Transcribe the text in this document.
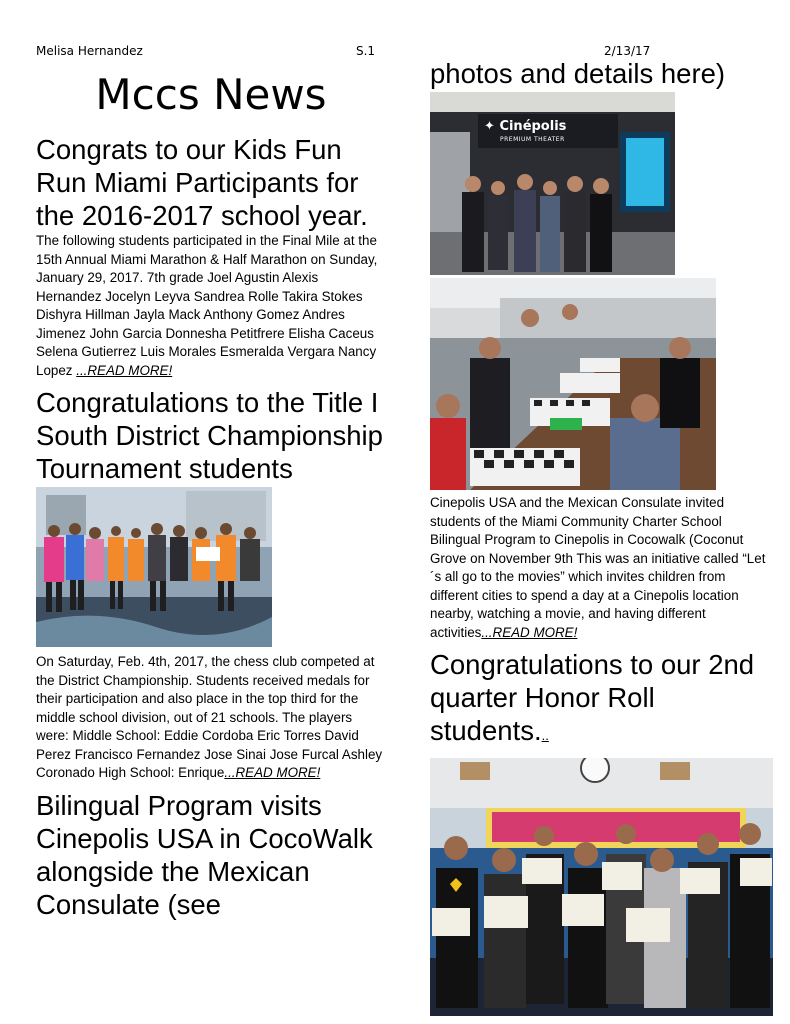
Melisa Hernandez	S.1	2/13/17
Mccs News
Congrats to our Kids Fun Run Miami Participants for the 2016-2017 school year.

The following students participated in the Final Mile at the 15th Annual Miami Marathon & Half Marathon on Sunday, January 29, 2017. 7th grade Joel Agustin Alexis Hernandez Jocelyn Leyva Sandrea Rolle Takira Stokes Dishyra Hillman Jayla Mack Anthony Gomez Andres Jimenez John Garcia Donnesha Petitfrere Elisha Caceus Selena Gutierrez Luis Morales Esmeralda Vergara Nancy Lopez ...READ MORE!

Congratulations to the Title I South District Championship Tournament students

On Saturday, Feb. 4th, 2017, the chess club competed at the District Championship. Students received medals for their participation and also place in the top third for the middle school division, out of 21 schools. The players were: Middle School: Eddie Cordoba Eric Torres David Perez Francisco Fernandez Jose Sinai Jose Furcal Ashley Coronado High School: Enrique...READ MORE!

Bilingual Program visits Cinepolis USA in CocoWalk alongside the Mexican Consulate (see
photos and details here)
✦ Cinépolis
PREMIUM THEATER

Cinepolis USA and the Mexican Consulate invited students of the Miami Community Charter School Bilingual Program to Cinepolis in Cocowalk (Coconut Grove on November 9th This was an initiative called “Let´s all go to the movies” which invites children from different cities to spend a day at a Cinepolis location nearby, watching a movie, and having different activities...READ MORE!

Congratulations to our 2nd quarter Honor Roll students...
